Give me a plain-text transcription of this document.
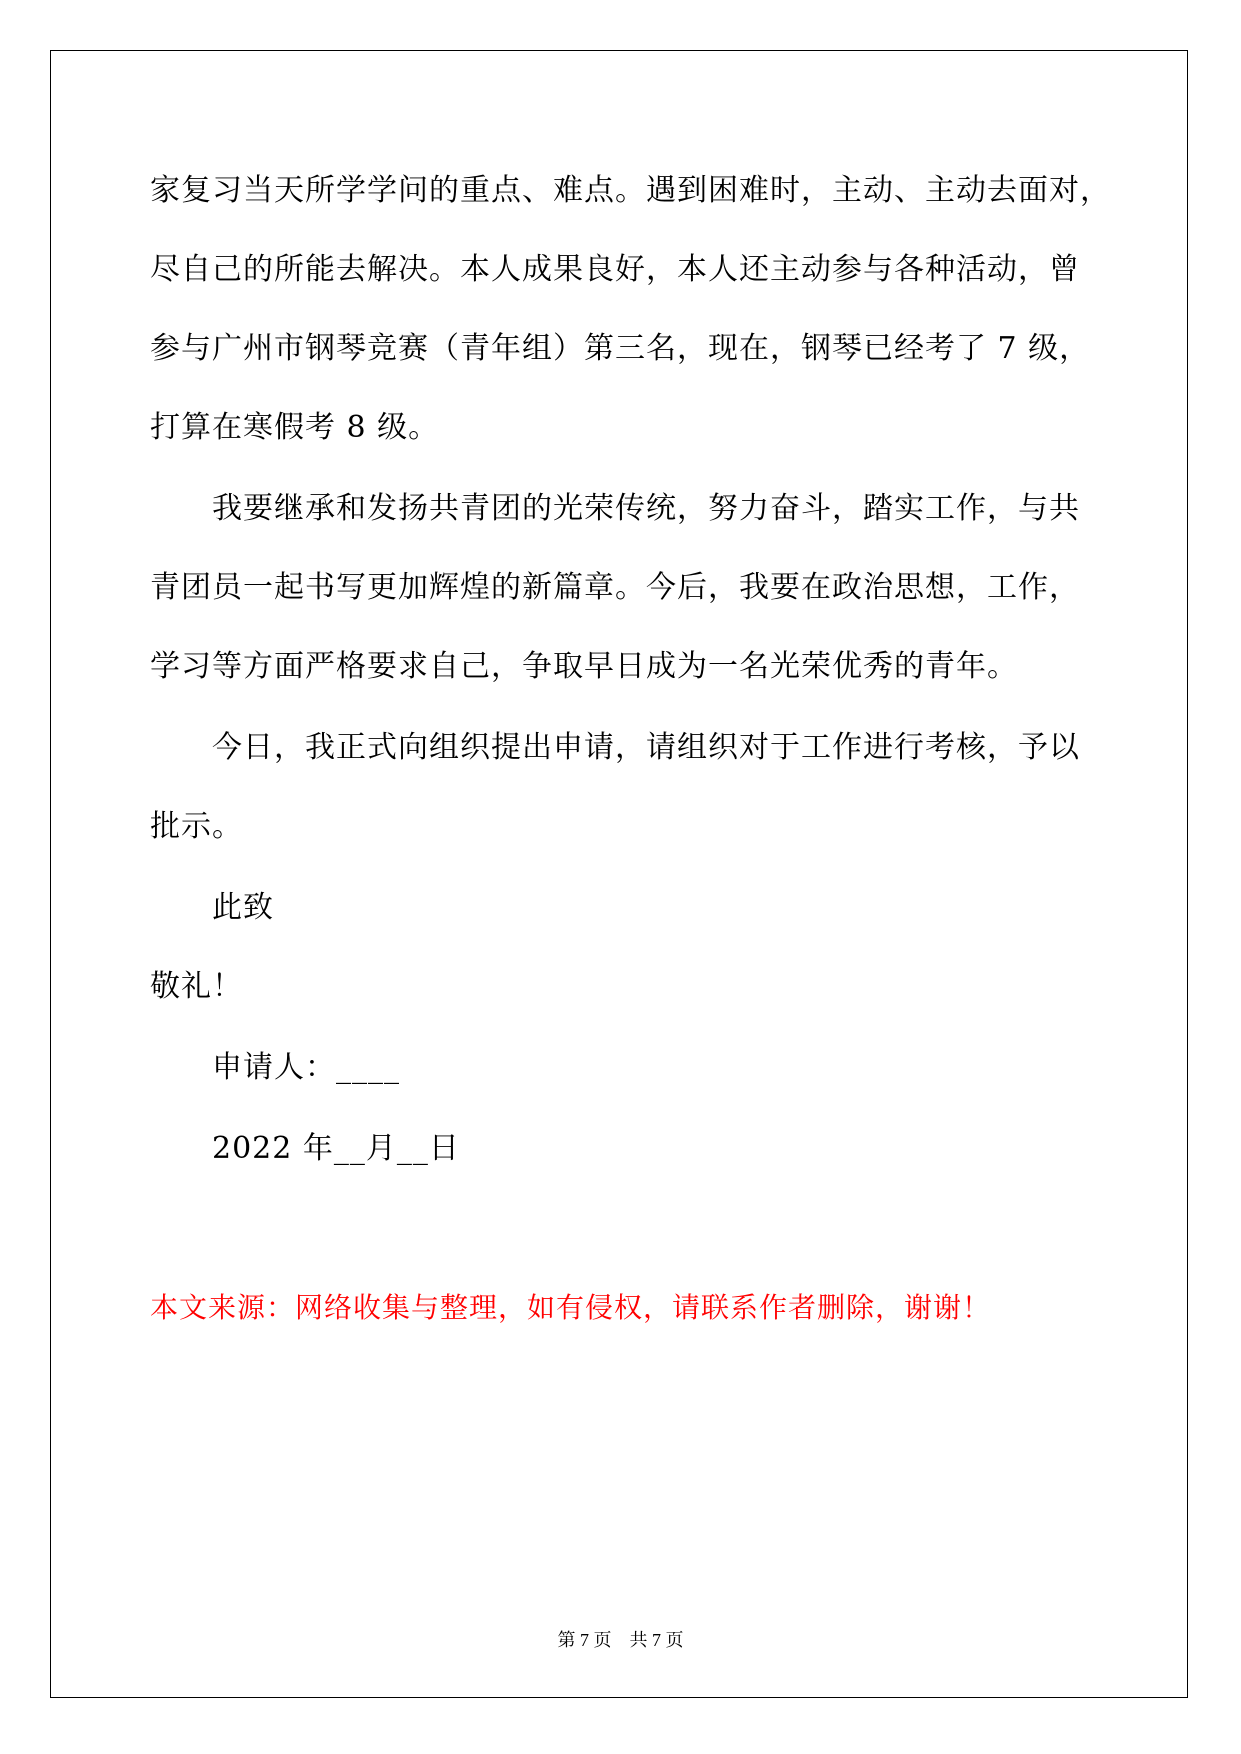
家复习当天所学学问的重点、难点。遇到困难时，主动、主动去面对，
尽自己的所能去解决。本人成果良好，本人还主动参与各种活动，曾
参与广州市钢琴竞赛（青年组）第三名，现在，钢琴已经考了 7 级，
打算在寒假考 8 级。
我要继承和发扬共青团的光荣传统，努力奋斗，踏实工作，与共
青团员一起书写更加辉煌的新篇章。今后，我要在政治思想，工作，
学习等方面严格要求自己，争取早日成为一名光荣优秀的青年。
今日，我正式向组织提出申请，请组织对于工作进行考核，予以
批示。
此致
敬礼！
申请人：____
2022 年__月__日
本文来源：网络收集与整理，如有侵权，请联系作者删除，谢谢！
第 7 页　共 7 页
